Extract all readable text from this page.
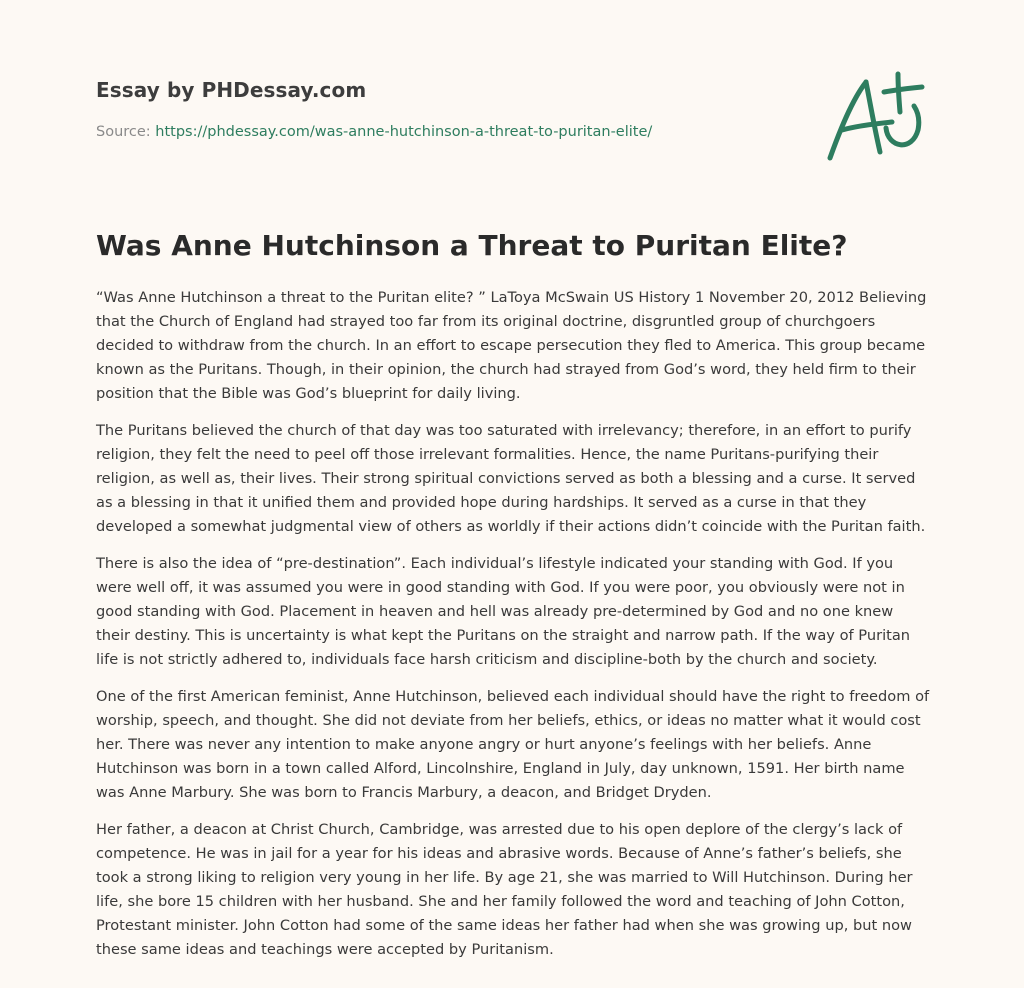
Essay by PHDessay.com

Source: https://phdessay.com/was-anne-hutchinson-a-threat-to-puritan-elite/

Was Anne Hutchinson a Threat to Puritan Elite?

“Was Anne Hutchinson a threat to the Puritan elite? ” LaToya McSwain US History 1 November 20, 2012 Believing that the Church of England had strayed too far from its original doctrine, disgruntled group of churchgoers decided to withdraw from the church. In an effort to escape persecution they fled to America. This group became known as the Puritans. Though, in their opinion, the church had strayed from God’s word, they held firm to their position that the Bible was God’s blueprint for daily living.

The Puritans believed the church of that day was too saturated with irrelevancy; therefore, in an effort to purify religion, they felt the need to peel off those irrelevant formalities. Hence, the name Puritans-purifying their religion, as well as, their lives. Their strong spiritual convictions served as both a blessing and a curse. It served as a blessing in that it unified them and provided hope during hardships. It served as a curse in that they developed a somewhat judgmental view of others as worldly if their actions didn’t coincide with the Puritan faith.

There is also the idea of “pre-destination”. Each individual’s lifestyle indicated your standing with God. If you were well off, it was assumed you were in good standing with God. If you were poor, you obviously were not in good standing with God. Placement in heaven and hell was already pre-determined by God and no one knew their destiny. This is uncertainty is what kept the Puritans on the straight and narrow path. If the way of Puritan life is not strictly adhered to, individuals face harsh criticism and discipline-both by the church and society.

One of the first American feminist, Anne Hutchinson, believed each individual should have the right to freedom of worship, speech, and thought. She did not deviate from her beliefs, ethics, or ideas no matter what it would cost her. There was never any intention to make anyone angry or hurt anyone’s feelings with her beliefs. Anne Hutchinson was born in a town called Alford, Lincolnshire, England in July, day unknown, 1591. Her birth name was Anne Marbury. She was born to Francis Marbury, a deacon, and Bridget Dryden.

Her father, a deacon at Christ Church, Cambridge, was arrested due to his open deplore of the clergy’s lack of competence. He was in jail for a year for his ideas and abrasive words. Because of Anne’s father’s beliefs, she took a strong liking to religion very young in her life. By age 21, she was married to Will Hutchinson. During her life, she bore 15 children with her husband. She and her family followed the word and teaching of John Cotton, Protestant minister. John Cotton had some of the same ideas her father had when she was growing up, but now these same ideas and teachings were accepted by Puritanism.
